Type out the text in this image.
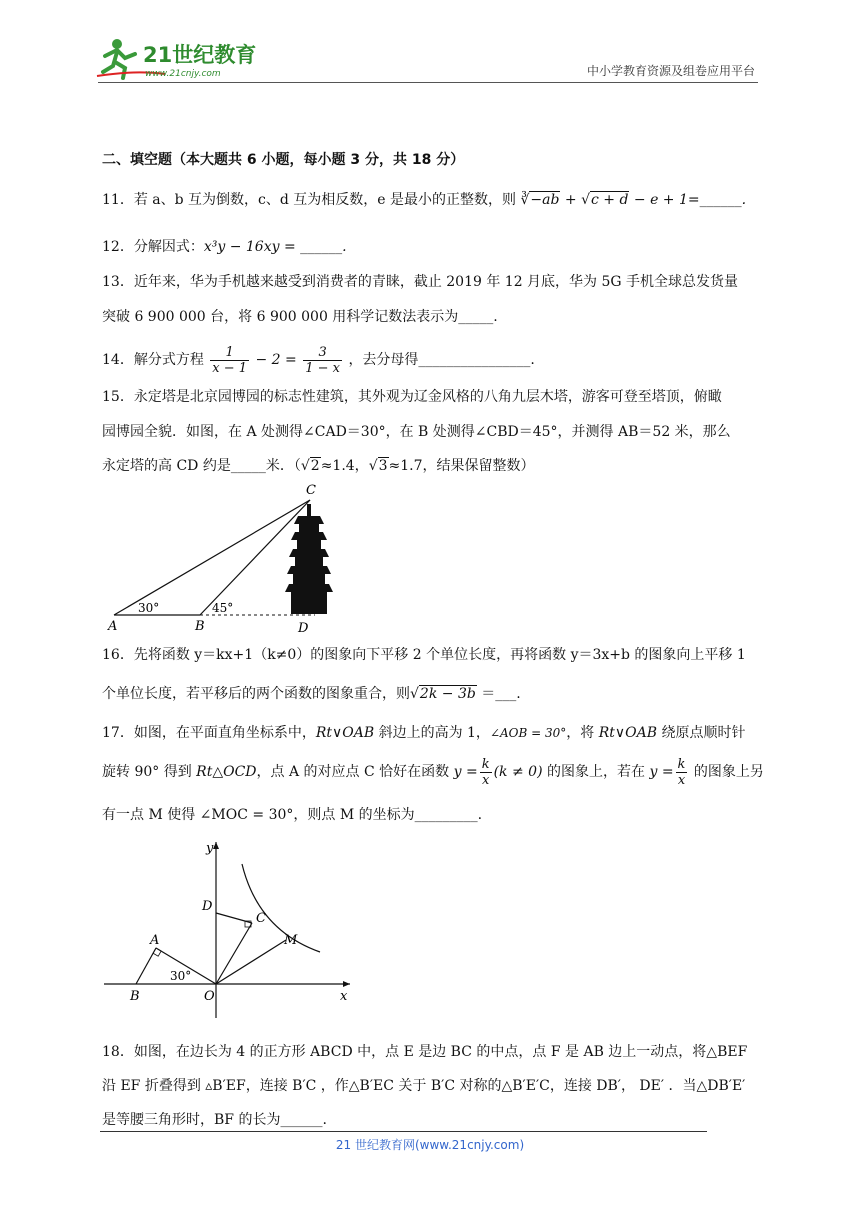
21世纪教育
www.21cnjy.com	中小学教育资源及组卷应用平台
二、填空题（本大题共 6 小题，每小题 3 分，共 18 分）
11．若 a、b 互为倒数，c、d 互为相反数，e 是最小的正整数，则 ∛−ab + √c + d − e + 1=______.
12．分解因式：x³y − 16xy = ______.
13．近年来，华为手机越来越受到消费者的青睐，截止 2019 年 12 月底，华为 5G 手机全球总发货量
突破 6 900 000 台，将 6 900 000 用科学记数法表示为_____.
14．解分式方程 $\frac{1}{x - 1} - 2 = \frac{3}{1 - x}$ ，去分母得________________.
15．永定塔是北京园博园的标志性建筑，其外观为辽金风格的八角九层木塔，游客可登至塔顶，俯瞰
园博园全貌．如图，在 A 处测得∠CAD＝30°，在 B 处测得∠CBD＝45°，并测得 AB＝52 米，那么
永定塔的高 CD 约是_____米．（√2≈1.4，√3≈1.7，结果保留整数）
A	B
C
D
30°	45°
16．先将函数 y＝kx+1（k≠0）的图象向下平移 2 个单位长度，再将函数 y＝3x+b 的图象向上平移 1
个单位长度，若平移后的两个函数的图象重合，则√2k − 3b ＝___.
17．如图，在平面直角坐标系中，Rt∨OAB 斜边上的高为 1，∠AOB = 30°，将 Rt∨OAB 绕原点顺时针
旋转 90° 得到 Rt△OCD，点 A 的对应点 C 恰好在函数 $y = \frac{k}{x} (k \ne 0)$ 的图象上，若在 $y = \frac{k}{x}$ 的图象上另
有一点 M 使得 ∠MOC = 30°，则点 M 的坐标为_________.
y
x
O
A
B
C
D
M
30°
18．如图，在边长为 4 的正方形 ABCD 中，点 E 是边 BC 的中点，点 F 是 AB 边上一动点，将△BEF
沿 EF 折叠得到 ▵B′EF，连接 B′C ，作△B′EC 关于 B′C 对称的△B′E′C，连接 DB′， DE′ ．当△DB′E′
是等腰三角形时，BF 的长为______.
21 世纪教育网(www.21cnjy.com)
